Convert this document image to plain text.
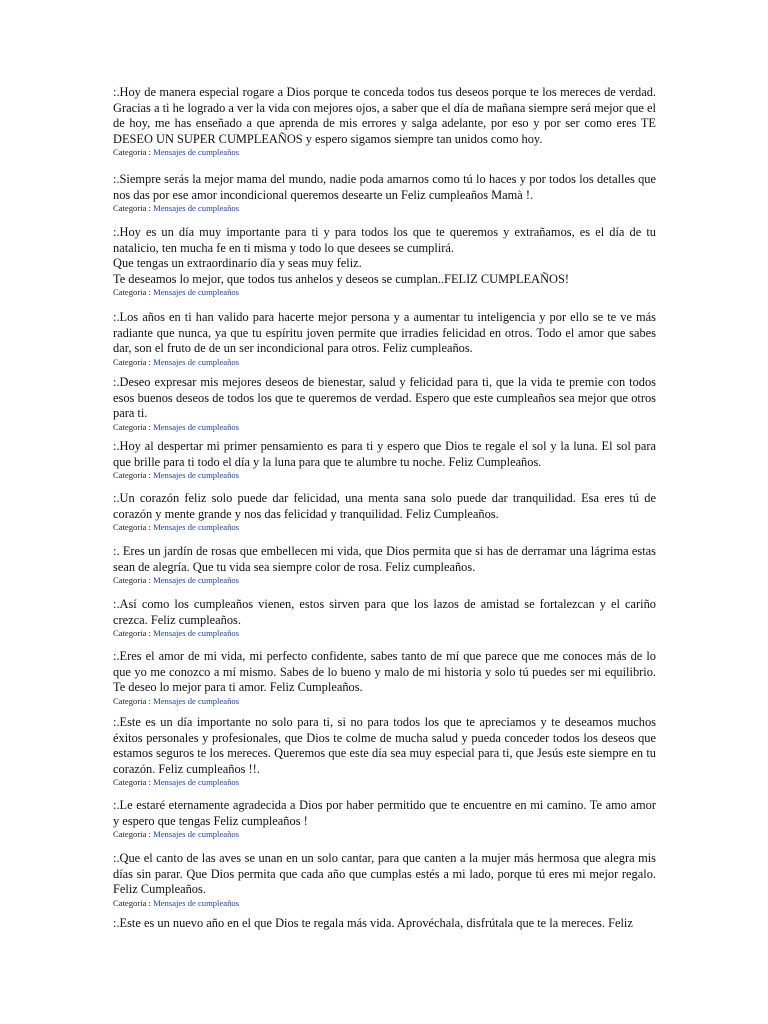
:.Hoy de manera especial rogare a Dios porque te conceda todos tus deseos porque te los mereces de verdad. Gracias a ti he logrado a ver la vida con mejores ojos, a saber que el día de mañana siempre será mejor que el de hoy, me has enseñado a que aprenda de mis errores y salga adelante, por eso y por ser como eres TE DESEO UN SUPER CUMPLEAÑOS y espero sigamos siempre tan unidos como hoy.

Categoria : Mensajes de cumpleaños

:.Siempre serás la mejor mama del mundo, nadie poda amarnos como tú lo haces y por todos los detalles que nos das por ese amor incondicional queremos desearte un Feliz cumpleaños Mamà !.

Categoria : Mensajes de cumpleaños

:.Hoy es un día muy importante para ti y para todos los que te queremos y extrañamos, es el día de tu natalicio, ten mucha fe en ti misma y todo lo que desees se cumplirá.
Que tengas un extraordinario día y seas muy feliz.
Te deseamos lo mejor, que todos tus anhelos y deseos se cumplan..FELIZ CUMPLEAÑOS!

Categoria : Mensajes de cumpleaños

:.Los años en ti han valido para hacerte mejor persona y a aumentar tu inteligencia y por ello se te ve más radiante que nunca, ya que tu espíritu joven permite que irradies felicidad en otros. Todo el amor que sabes dar, son el fruto de de un ser incondicional para otros. Feliz cumpleaños.

Categoria : Mensajes de cumpleaños

:.Deseo expresar mis mejores deseos de bienestar, salud y felicidad para ti, que la vida te premie con todos esos buenos deseos de todos los que te queremos de verdad. Espero que este cumpleaños sea mejor que otros para ti.

Categoria : Mensajes de cumpleaños

:.Hoy al despertar mi primer pensamiento es para ti y espero que Dios te regale el sol y la luna. El sol para que brille para ti todo el día y la luna para que te alumbre tu noche. Feliz Cumpleaños.

Categoria : Mensajes de cumpleaños

:.Un corazón feliz solo puede dar felicidad, una menta sana solo puede dar tranquilidad. Esa eres tú de corazón y mente grande y nos das felicidad y tranquilidad. Feliz Cumpleaños.

Categoria : Mensajes de cumpleaños

:. Eres un jardín de rosas que embellecen mi vida, que Dios permita que si has de derramar una lágrima estas sean de alegría. Que tu vida sea siempre color de rosa. Feliz cumpleaños.

Categoria : Mensajes de cumpleaños

:.Así como los cumpleaños vienen, estos sirven para que los lazos de amistad se fortalezcan y el cariño crezca. Feliz cumpleaños.

Categoria : Mensajes de cumpleaños

:.Eres el amor de mi vida, mi perfecto confidente, sabes tanto de mí que parece que me conoces más de lo que yo me conozco a mí mismo. Sabes de lo bueno y malo de mi historia y solo tú puedes ser mi equilibrio. Te deseo lo mejor para ti amor. Feliz Cumpleaños.

Categoria : Mensajes de cumpleaños

:.Este es un día importante no solo para ti, si no para todos los que te apreciamos y te deseamos muchos éxitos personales y profesionales, que Dios te colme de mucha salud y pueda conceder todos los deseos que estamos seguros te los mereces. Queremos que este día sea muy especial para ti, que Jesús este siempre en tu corazón. Feliz cumpleaños !!.

Categoria : Mensajes de cumpleaños

:.Le estaré eternamente agradecida a Dios por haber permitido que te encuentre en mi camino. Te amo amor y espero que tengas Feliz cumpleaños !

Categoria : Mensajes de cumpleaños

:.Que el canto de las aves se unan en un solo cantar, para que canten a la mujer más hermosa que alegra mis días sin parar. Que Dios permita que cada año que cumplas estés a mi lado, porque tú eres mi mejor regalo. Feliz Cumpleaños.

Categoria : Mensajes de cumpleaños

:.Este es un nuevo año en el que Dios te regala más vida. Aprovéchala, disfrútala que te la mereces. Feliz
